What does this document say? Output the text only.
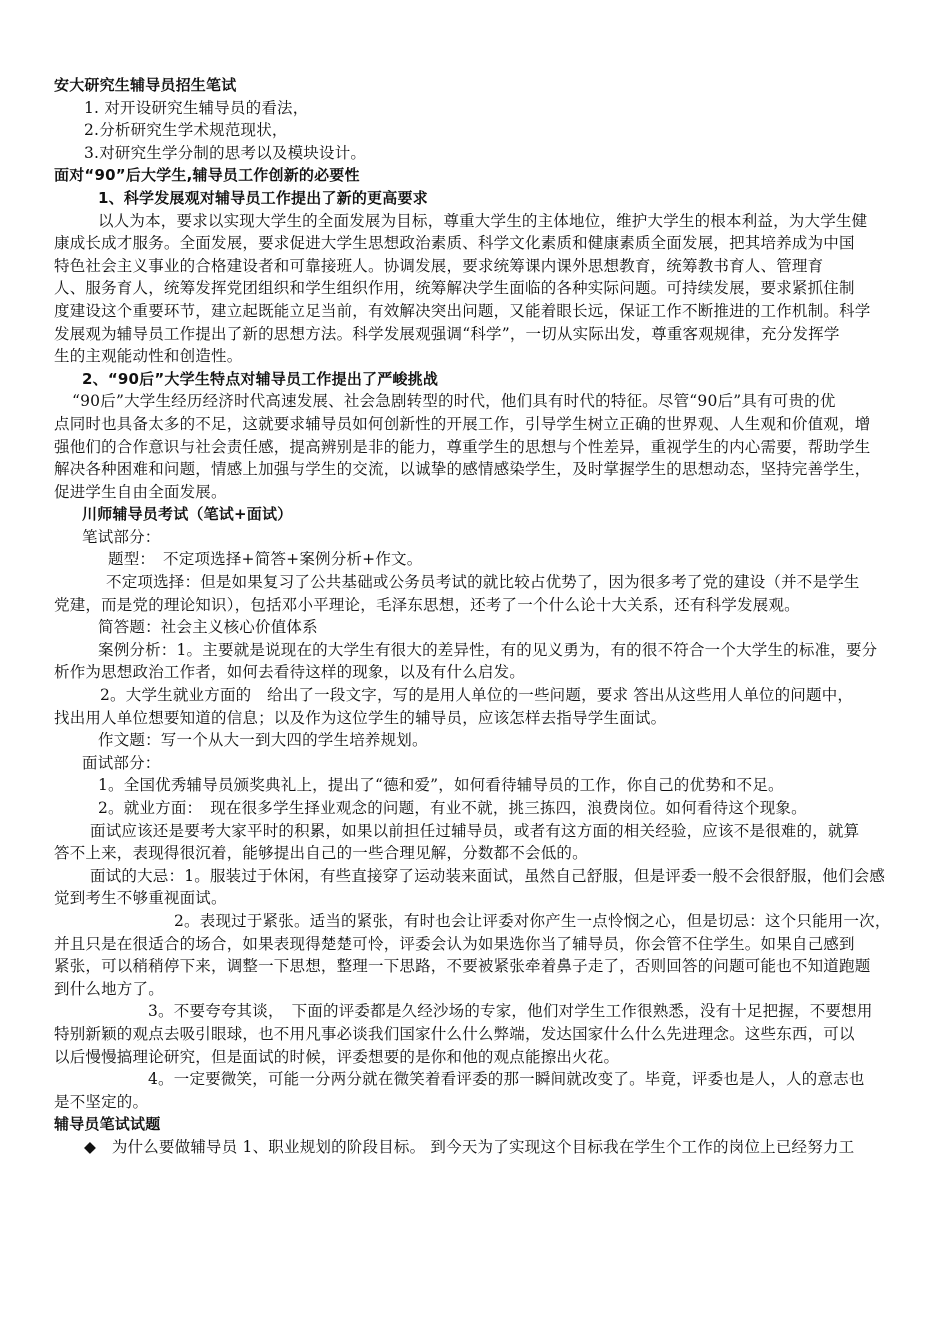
安大研究生辅导员招生笔试

1. 对开设研究生辅导员的看法，

2.分析研究生学术规范现状，

3.对研究生学分制的思考以及模块设计。

面对“90”后大学生,辅导员工作创新的必要性

1、科学发展观对辅导员工作提出了新的更高要求

以人为本，要求以实现大学生的全面发展为目标，尊重大学生的主体地位，维护大学生的根本利益，为大学生健

康成长成才服务。全面发展，要求促进大学生思想政治素质、科学文化素质和健康素质全面发展，把其培养成为中国

特色社会主义事业的合格建设者和可靠接班人。协调发展，要求统筹课内课外思想教育，统筹教书育人、管理育

人、服务育人，统筹发挥党团组织和学生组织作用，统筹解决学生面临的各种实际问题。可持续发展，要求紧抓住制

度建设这个重要环节，建立起既能立足当前，有效解决突出问题，又能着眼长远，保证工作不断推进的工作机制。科学

发展观为辅导员工作提出了新的思想方法。科学发展观强调“科学”，一切从实际出发，尊重客观规律，充分发挥学

生的主观能动性和创造性。

2、“90后”大学生特点对辅导员工作提出了严峻挑战

“90后”大学生经历经济时代高速发展、社会急剧转型的时代，他们具有时代的特征。尽管“90后”具有可贵的优

点同时也具备太多的不足，这就要求辅导员如何创新性的开展工作，引导学生树立正确的世界观、人生观和价值观，增

强他们的合作意识与社会责任感，提高辨别是非的能力，尊重学生的思想与个性差异，重视学生的内心需要，帮助学生

解决各种困难和问题，情感上加强与学生的交流，以诚挚的感情感染学生，及时掌握学生的思想动态，坚持完善学生，

促进学生自由全面发展。

川师辅导员考试（笔试+面试）

笔试部分：

题型：　不定项选择+简答+案例分析+作文。

不定项选择：但是如果复习了公共基础或公务员考试的就比较占优势了，因为很多考了党的建设（并不是学生

党建，而是党的理论知识），包括邓小平理论，毛泽东思想，还考了一个什么论十大关系，还有科学发展观。

简答题：社会主义核心价值体系

案例分析：1。主要就是说现在的大学生有很大的差异性，有的见义勇为，有的很不符合一个大学生的标准，要分

析作为思想政治工作者，如何去看待这样的现象，以及有什么启发。

2。大学生就业方面的　给出了一段文字，写的是用人单位的一些问题，要求 答出从这些用人单位的问题中，

找出用人单位想要知道的信息；以及作为这位学生的辅导员，应该怎样去指导学生面试。

作文题：写一个从大一到大四的学生培养规划。

面试部分：

1。全国优秀辅导员颁奖典礼上，提出了“德和爱”，如何看待辅导员的工作，你自己的优势和不足。

2。就业方面：　现在很多学生择业观念的问题，有业不就，挑三拣四，浪费岗位。如何看待这个现象。

面试应该还是要考大家平时的积累，如果以前担任过辅导员，或者有这方面的相关经验，应该不是很难的，就算

答不上来，表现得很沉着，能够提出自己的一些合理见解，分数都不会低的。

面试的大忌：1。服装过于休闲，有些直接穿了运动装来面试，虽然自己舒服，但是评委一般不会很舒服，他们会感

觉到考生不够重视面试。

2。表现过于紧张。适当的紧张，有时也会让评委对你产生一点怜悯之心，但是切忌：这个只能用一次，

并且只是在很适合的场合，如果表现得楚楚可怜，评委会认为如果选你当了辅导员，你会管不住学生。如果自己感到

紧张，可以稍稍停下来，调整一下思想，整理一下思路，不要被紧张牵着鼻子走了，否则回答的问题可能也不知道跑题

到什么地方了。

3。不要夸夸其谈，　下面的评委都是久经沙场的专家，他们对学生工作很熟悉，没有十足把握，不要想用

特别新颖的观点去吸引眼球，也不用凡事必谈我们国家什么什么弊端，发达国家什么什么先进理念。这些东西，可以

以后慢慢搞理论研究，但是面试的时候，评委想要的是你和他的观点能擦出火花。

4。一定要微笑，可能一分两分就在微笑着看评委的那一瞬间就改变了。毕竟，评委也是人，人的意志也

是不坚定的。

辅导员笔试试题

◆　为什么要做辅导员 1、职业规划的阶段目标。 到今天为了实现这个目标我在学生个工作的岗位上已经努力工
